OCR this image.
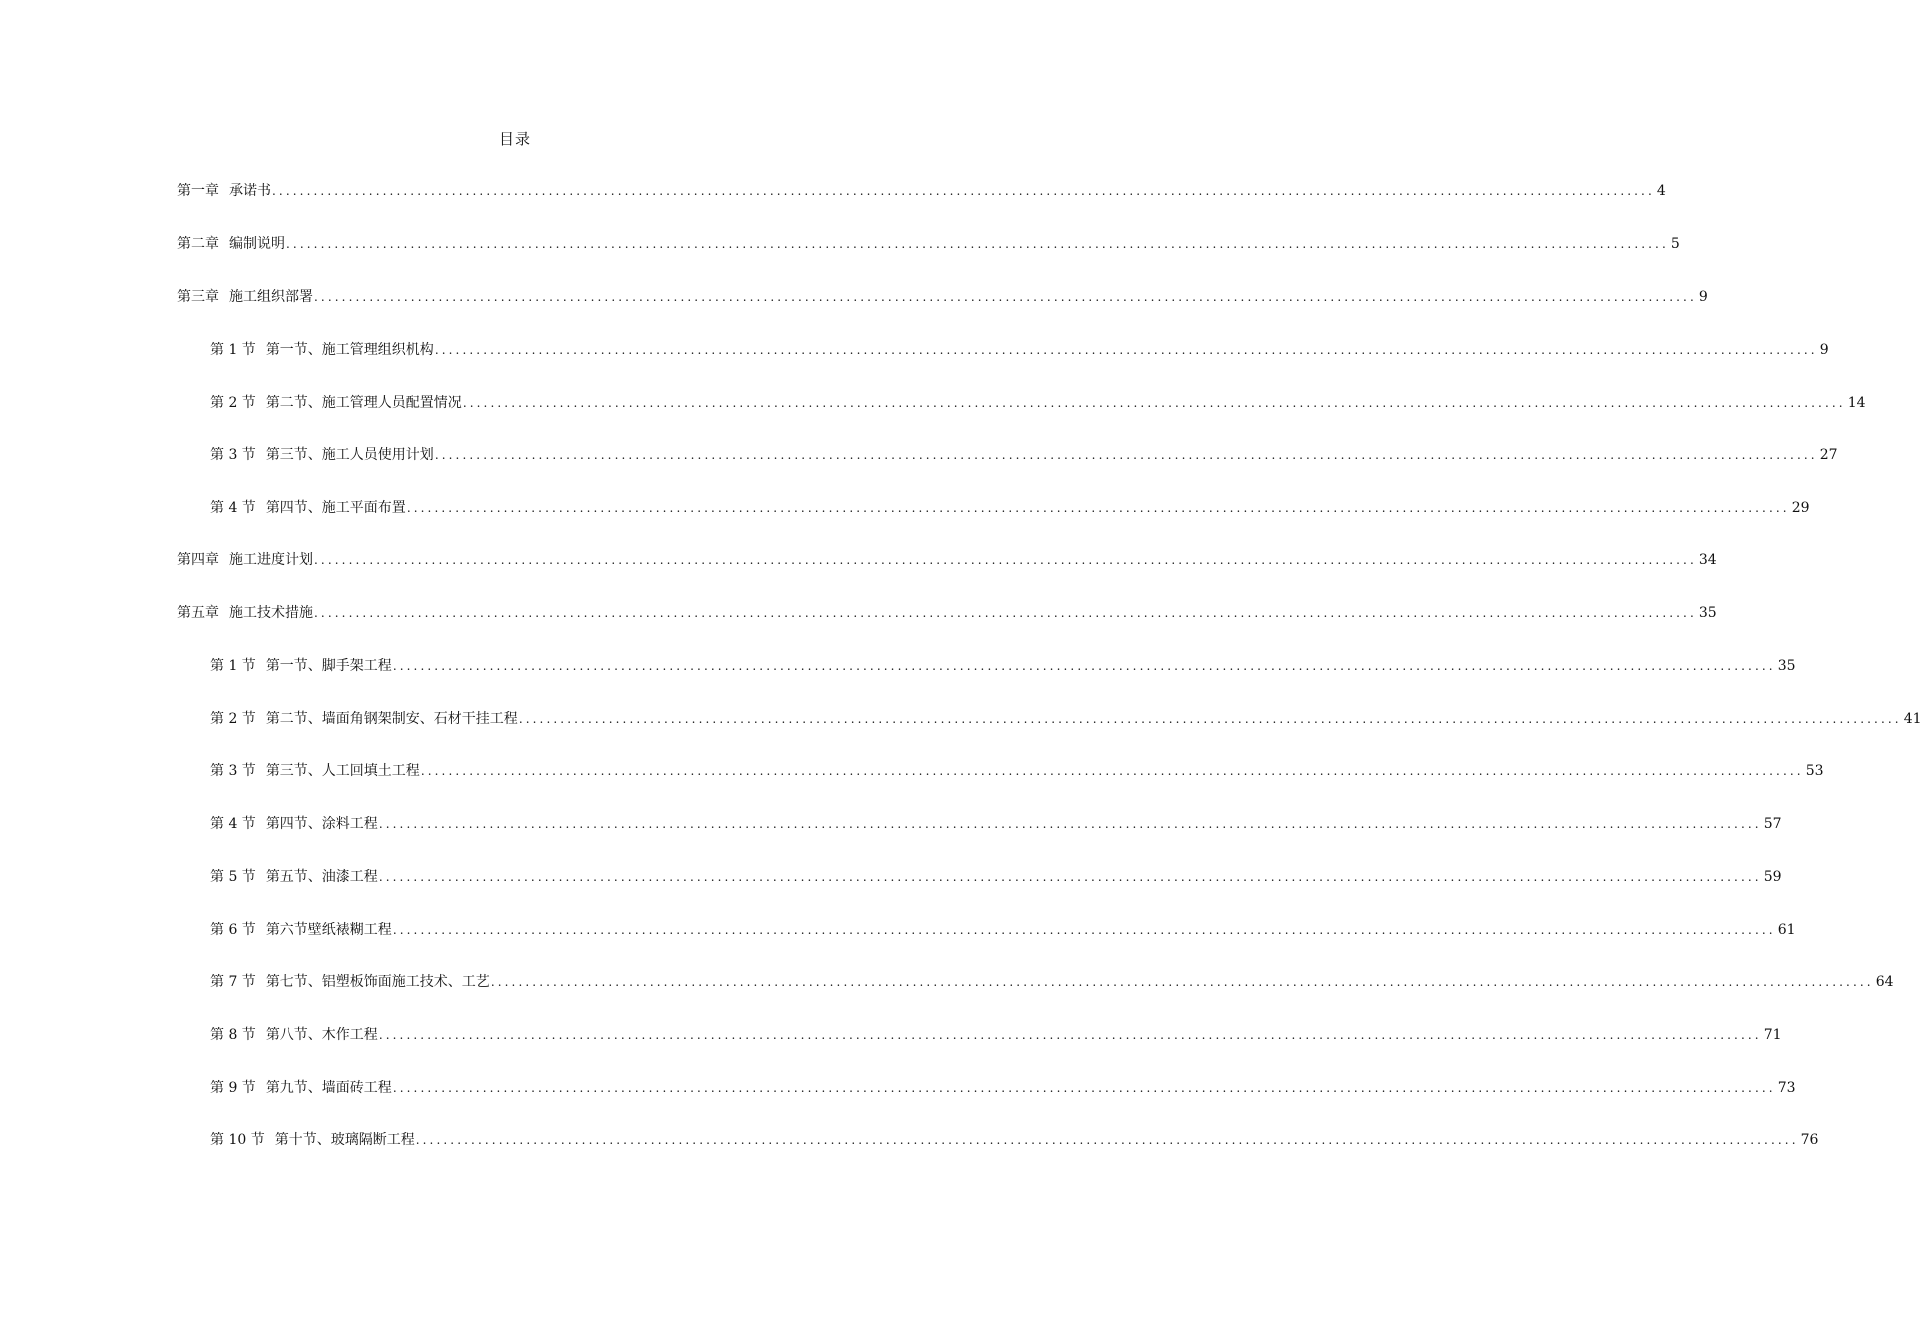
目录
第一章 承诺书 ........................................................................................................................................................................................................ 4
第二章 编制说明 ........................................................................................................................................................................................................ 5
第三章 施工组织部署 ........................................................................................................................................................................................................ 9
第 1 节 第一节、施工管理组织机构 ........................................................................................................................................................................................................ 9
第 2 节 第二节、施工管理人员配置情况 ........................................................................................................................................................................................................ 14
第 3 节 第三节、施工人员使用计划 ........................................................................................................................................................................................................ 27
第 4 节 第四节、施工平面布置 ........................................................................................................................................................................................................ 29
第四章 施工进度计划 ........................................................................................................................................................................................................ 34
第五章 施工技术措施 ........................................................................................................................................................................................................ 35
第 1 节 第一节、脚手架工程 ........................................................................................................................................................................................................ 35
第 2 节 第二节、墙面角钢架制安、石材干挂工程 ........................................................................................................................................................................................................ 41
第 3 节 第三节、人工回填土工程 ........................................................................................................................................................................................................ 53
第 4 节 第四节、涂料工程 ........................................................................................................................................................................................................ 57
第 5 节 第五节、油漆工程 ........................................................................................................................................................................................................ 59
第 6 节 第六节壁纸裱糊工程 ........................................................................................................................................................................................................ 61
第 7 节 第七节、铝塑板饰面施工技术、工艺 ........................................................................................................................................................................................................ 64
第 8 节 第八节、木作工程 ........................................................................................................................................................................................................ 71
第 9 节 第九节、墙面砖工程 ........................................................................................................................................................................................................ 73
第 10 节 第十节、玻璃隔断工程 ........................................................................................................................................................................................................ 76
